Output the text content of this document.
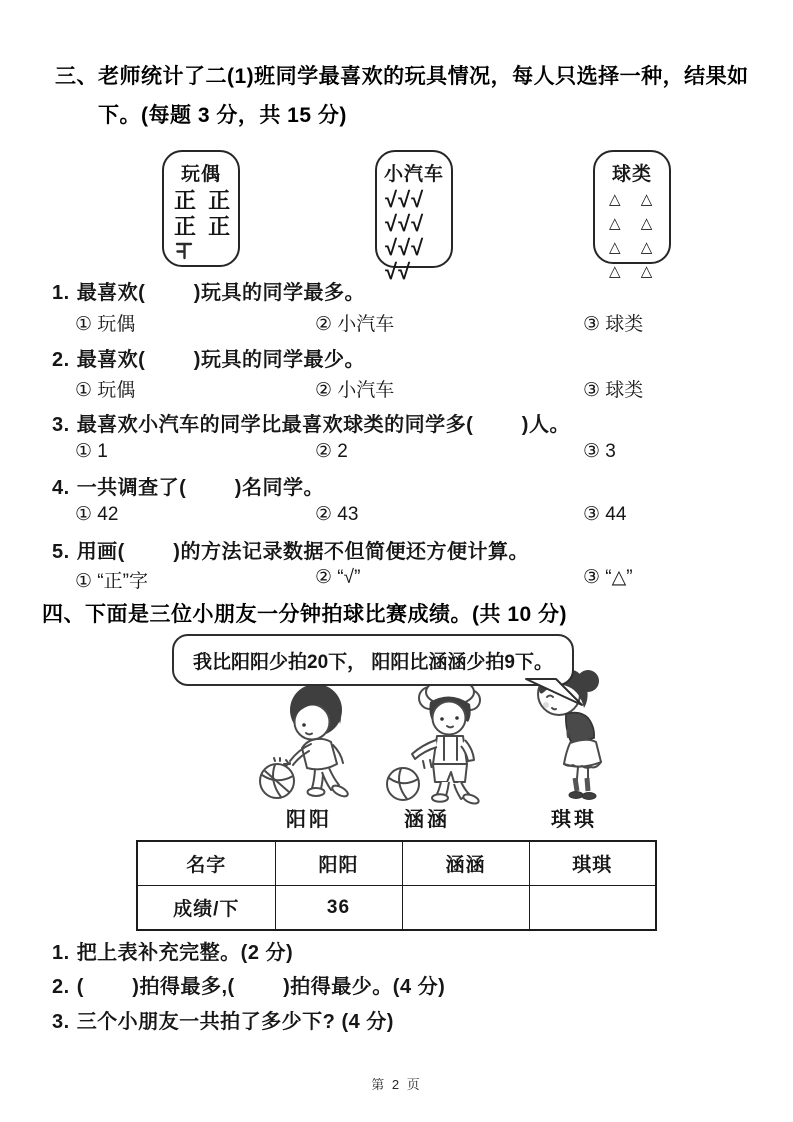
三、老师统计了二(1)班同学最喜欢的玩具情况，每人只选择一种，结果如
下。(每题 3 分，共 15 分)
玩偶
正 正
正 正
小汽车
√√√
√√√
√√√
√√
球类
△ △
△ △
△ △
△ △
1. 最喜欢(        )玩具的同学最多。
① 玩偶	② 小汽车	③ 球类
2. 最喜欢(        )玩具的同学最少。
① 玩偶	② 小汽车	③ 球类
3. 最喜欢小汽车的同学比最喜欢球类的同学多(        )人。
① 1	② 2	③ 3
4. 一共调查了(        )名同学。
① 42	② 43	③ 44
5. 用画(        )的方法记录数据不但简便还方便计算。
① “正”字	② “√”	③ “△”
四、下面是三位小朋友一分钟拍球比赛成绩。(共 10 分)
我比阳阳少拍20下， 阳阳比涵涵少拍9下。
阳阳	涵涵	琪琪
名字	阳阳	涵涵	琪琪
成绩/下	36		
1. 把上表补充完整。(2 分)
2. (        )拍得最多,(        )拍得最少。(4 分)
3. 三个小朋友一共拍了多少下? (4 分)
第 2 页
